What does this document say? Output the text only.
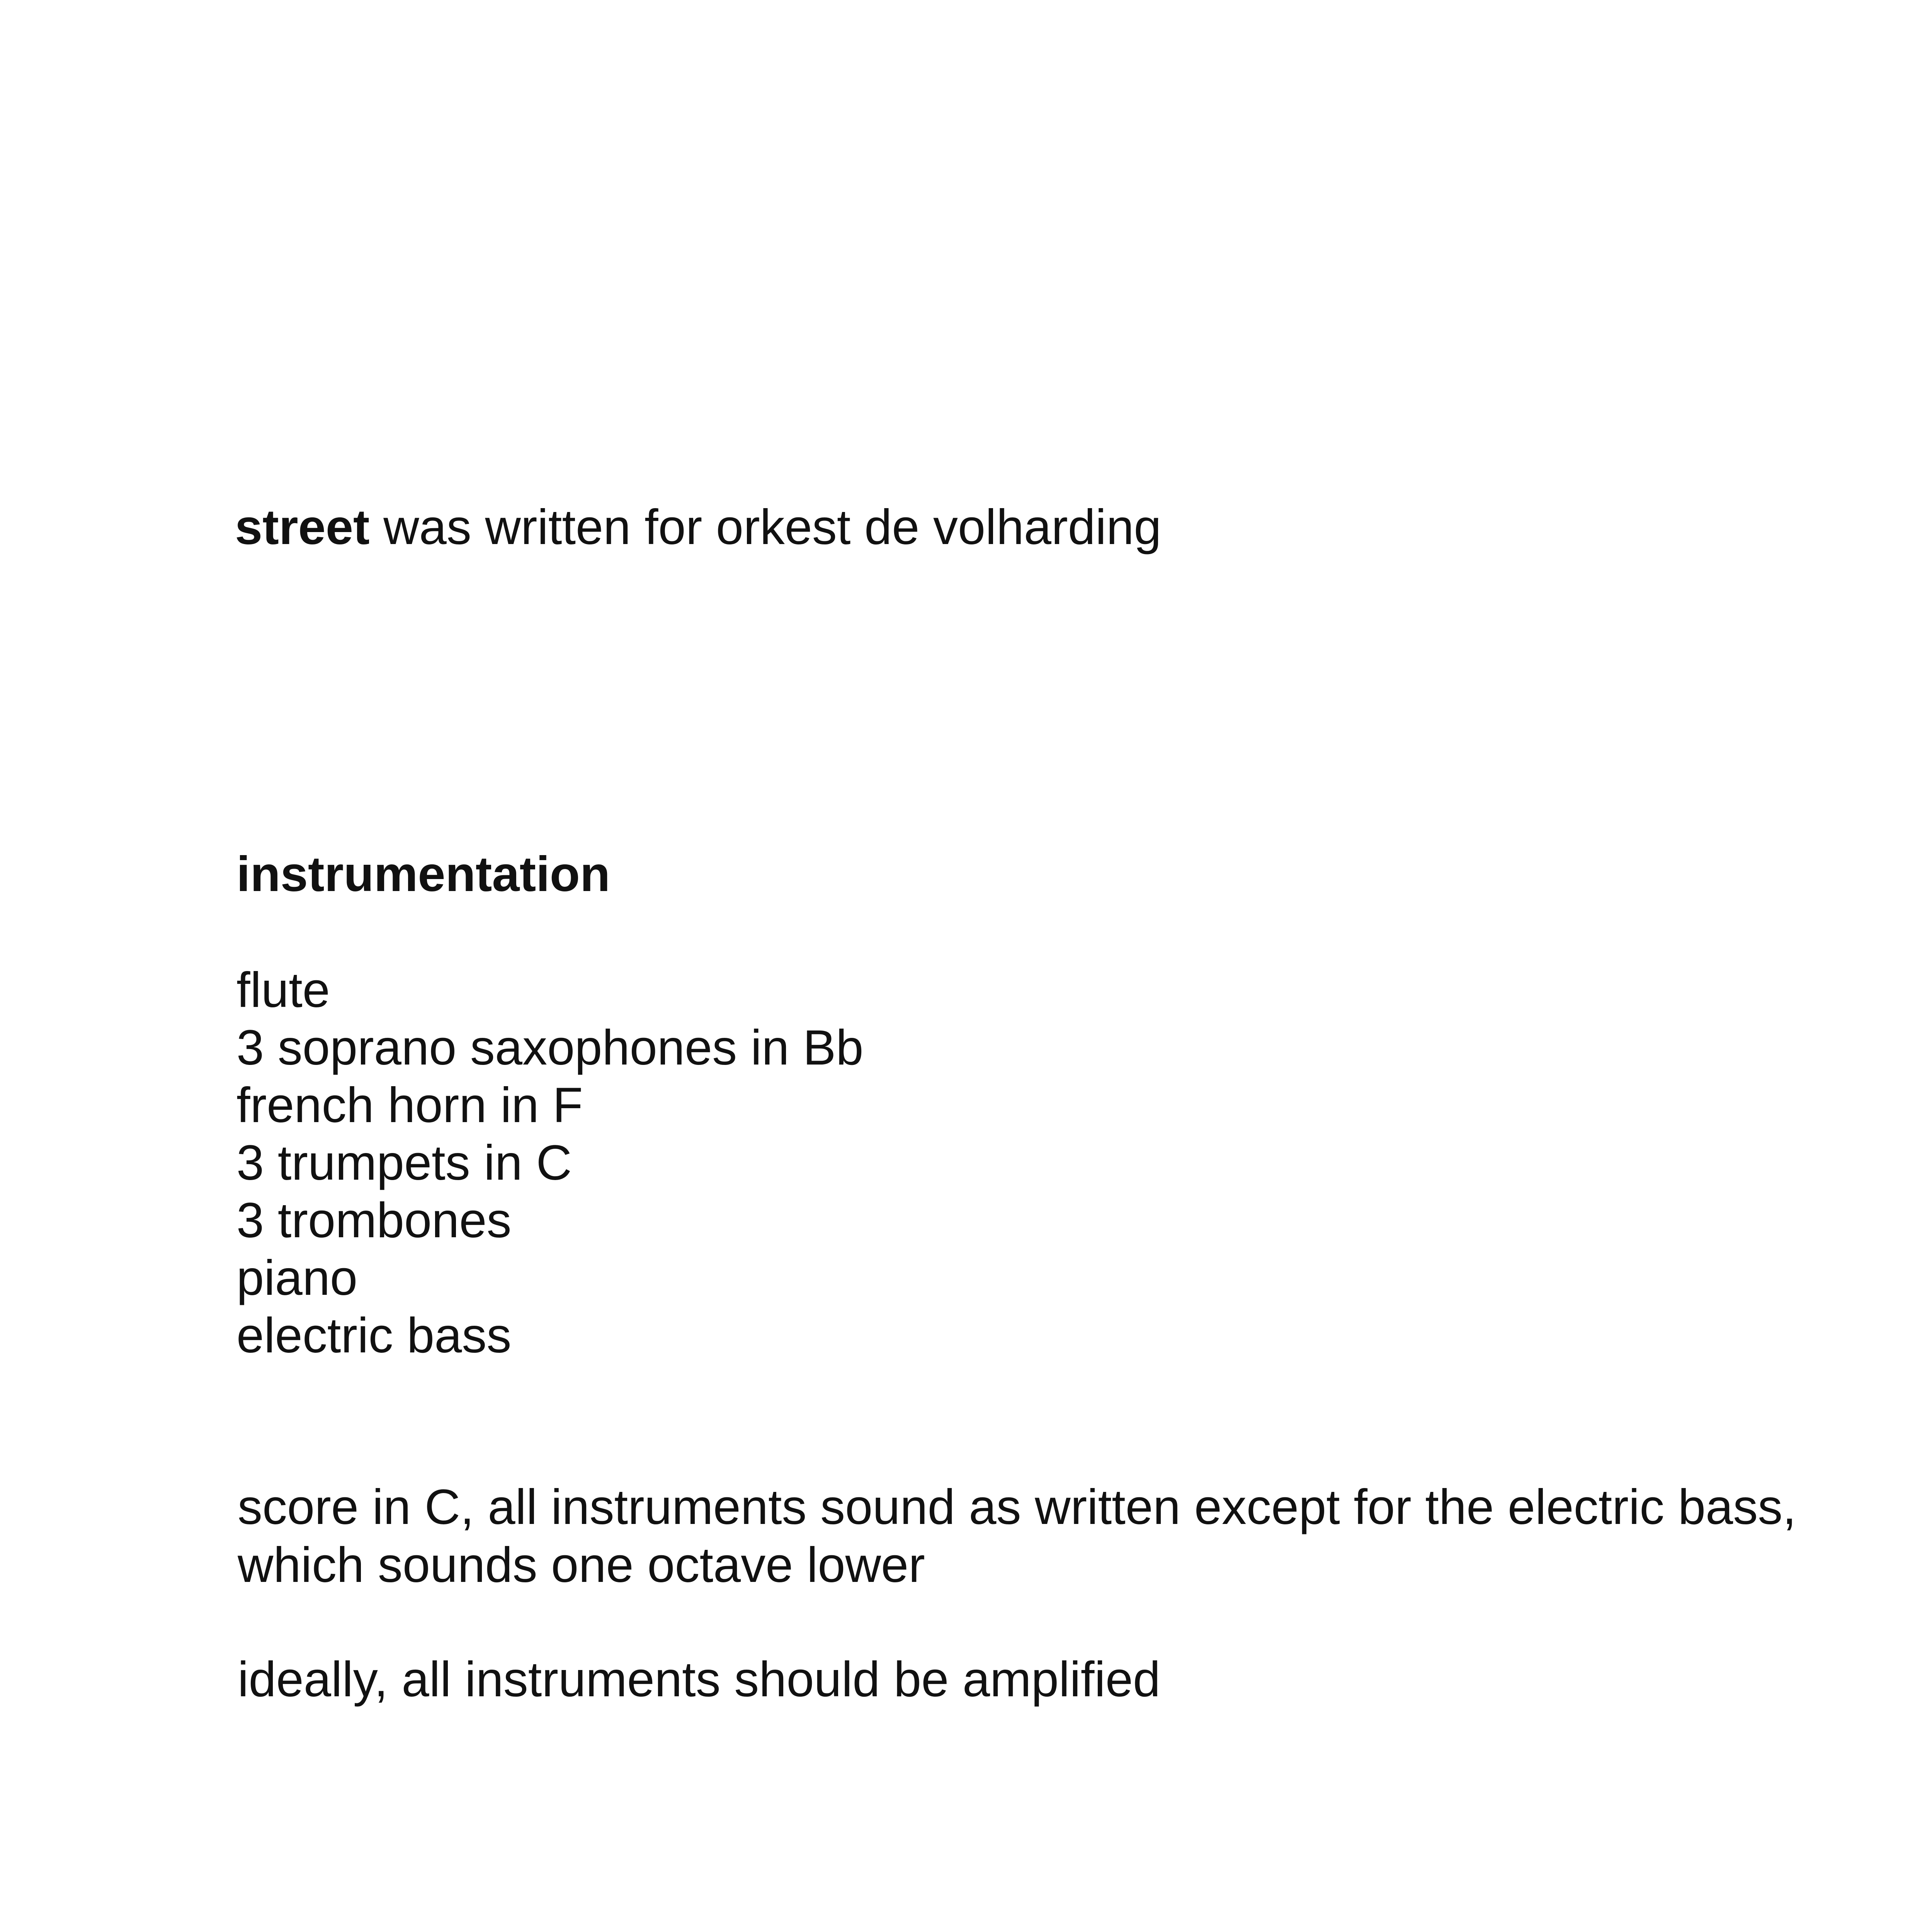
street was written for orkest de volharding

instrumentation

flute
3 soprano saxophones in Bb
french horn in F
3 trumpets in C
3 trombones
piano
electric bass

score in C, all instruments sound as written except for the electric bass,

which sounds one octave lower

ideally, all instruments should be amplified
